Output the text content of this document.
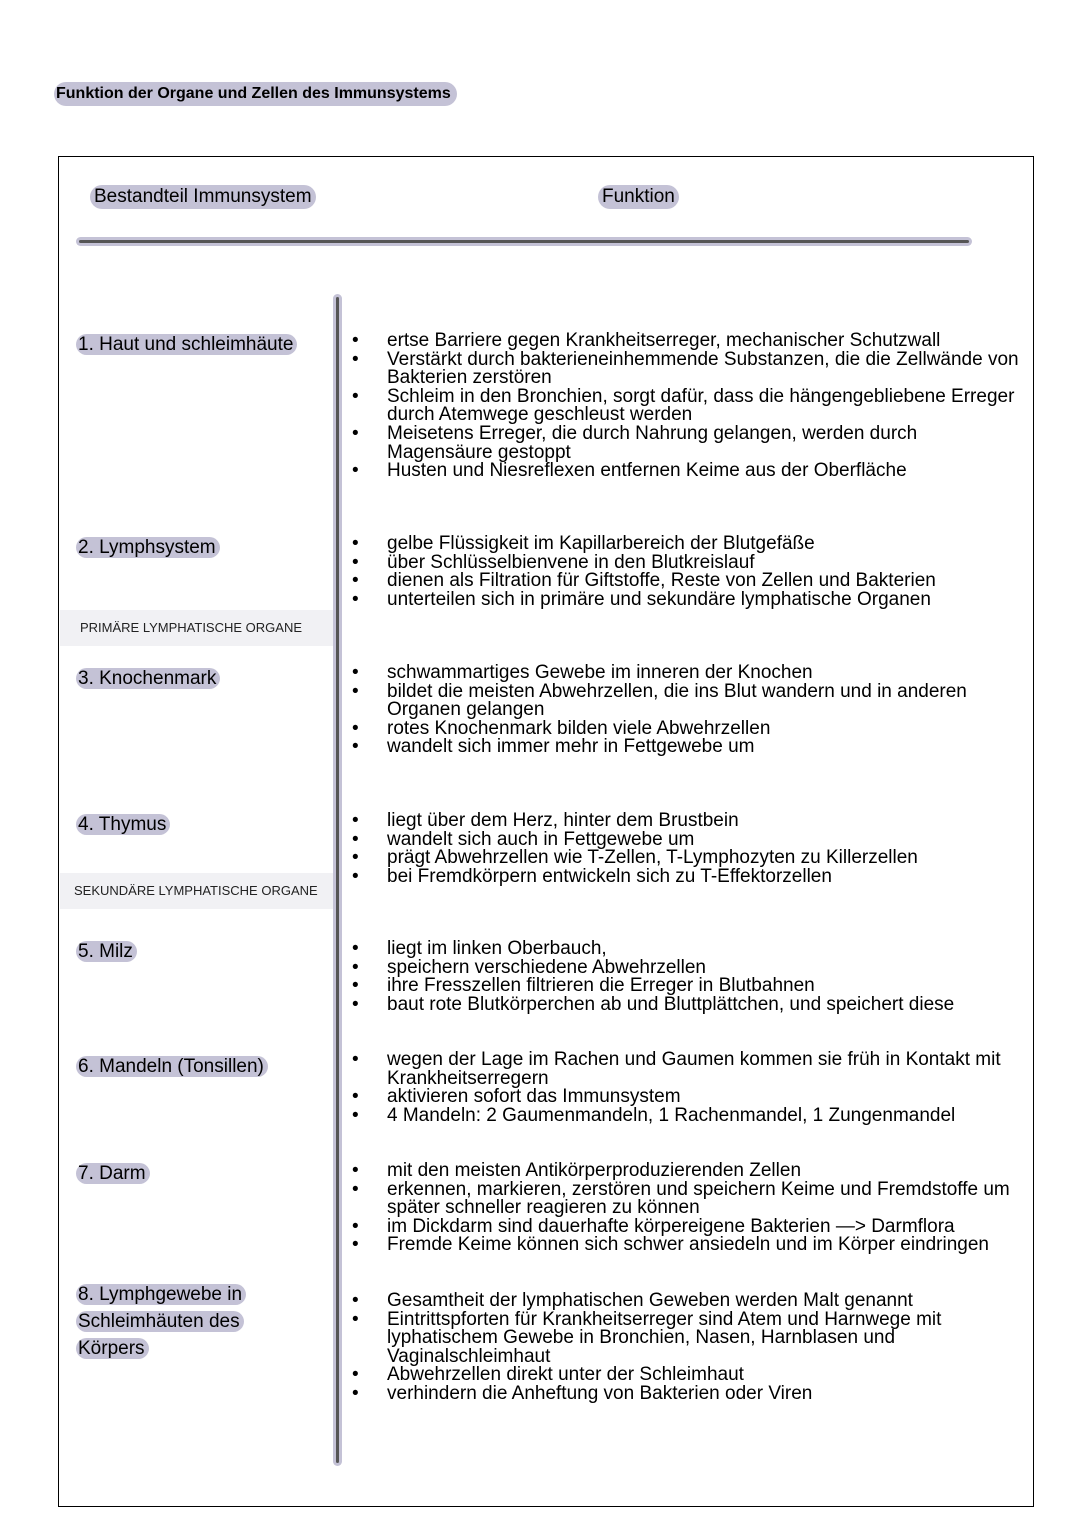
Funktion der Organe und Zellen des Immunsystems
Bestandteil Immunsystem	Funktion
PRIMÄRE LYMPHATISCHE ORGANE
SEKUNDÄRE LYMPHATISCHE ORGANE
1. Haut und schleimhäute
2. Lymphsystem
3. Knochenmark
4. Thymus
5. Milz
6. Mandeln (Tonsillen)
7. Darm
8. Lymphgewebe in Schleimhäuten des Körpers
• ertse Barriere gegen Krankheitserreger, mechanischer Schutzwall
• Verstärkt durch bakterieneinhemmende Substanzen, die die Zellwände von Bakterien zerstören
• Schleim in den Bronchien, sorgt dafür, dass die hängengebliebene Erreger durch Atemwege geschleust werden
• Meisetens Erreger, die durch Nahrung gelangen, werden durch Magensäure gestoppt
• Husten und Niesreflexen entfernen Keime aus der Oberfläche
• gelbe Flüssigkeit im Kapillarbereich der Blutgefäße
• über Schlüsselbienvene in den Blutkreislauf
• dienen als Filtration für Giftstoffe, Reste von Zellen und Bakterien
• unterteilen sich in primäre und sekundäre lymphatische Organen
• schwammartiges Gewebe im inneren der Knochen
• bildet die meisten Abwehrzellen, die ins Blut wandern und in anderen Organen gelangen
• rotes Knochenmark bilden viele Abwehrzellen
• wandelt sich immer mehr in Fettgewebe um
• liegt über dem Herz, hinter dem Brustbein
• wandelt sich auch in Fettgewebe um
• prägt Abwehrzellen wie T-Zellen, T-Lymphozyten zu Killerzellen
• bei Fremdkörpern entwickeln sich zu T-Effektorzellen
• liegt im linken Oberbauch,
• speichern verschiedene Abwehrzellen
• ihre Fresszellen filtrieren die Erreger in Blutbahnen
• baut rote Blutkörperchen ab und Bluttplättchen, und speichert diese
• wegen der Lage im Rachen und Gaumen kommen sie früh in Kontakt mit Krankheitserregern
• aktivieren sofort das Immunsystem
• 4 Mandeln: 2 Gaumenmandeln, 1 Rachenmandel, 1 Zungenmandel
• mit den meisten Antikörperproduzierenden Zellen
• erkennen, markieren, zerstören und speichern Keime und Fremdstoffe um später schneller reagieren zu können
• im Dickdarm sind dauerhafte körpereigene Bakterien —> Darmflora
• Fremde Keime können sich schwer ansiedeln und im Körper eindringen
• Gesamtheit der lymphatischen Geweben werden Malt genannt
• Eintrittspforten für Krankheitserreger sind Atem und Harnwege mit lyphatischem Gewebe in Bronchien, Nasen, Harnblasen und Vaginalschleimhaut
• Abwehrzellen direkt unter der Schleimhaut
• verhindern die Anheftung von Bakterien oder Viren
